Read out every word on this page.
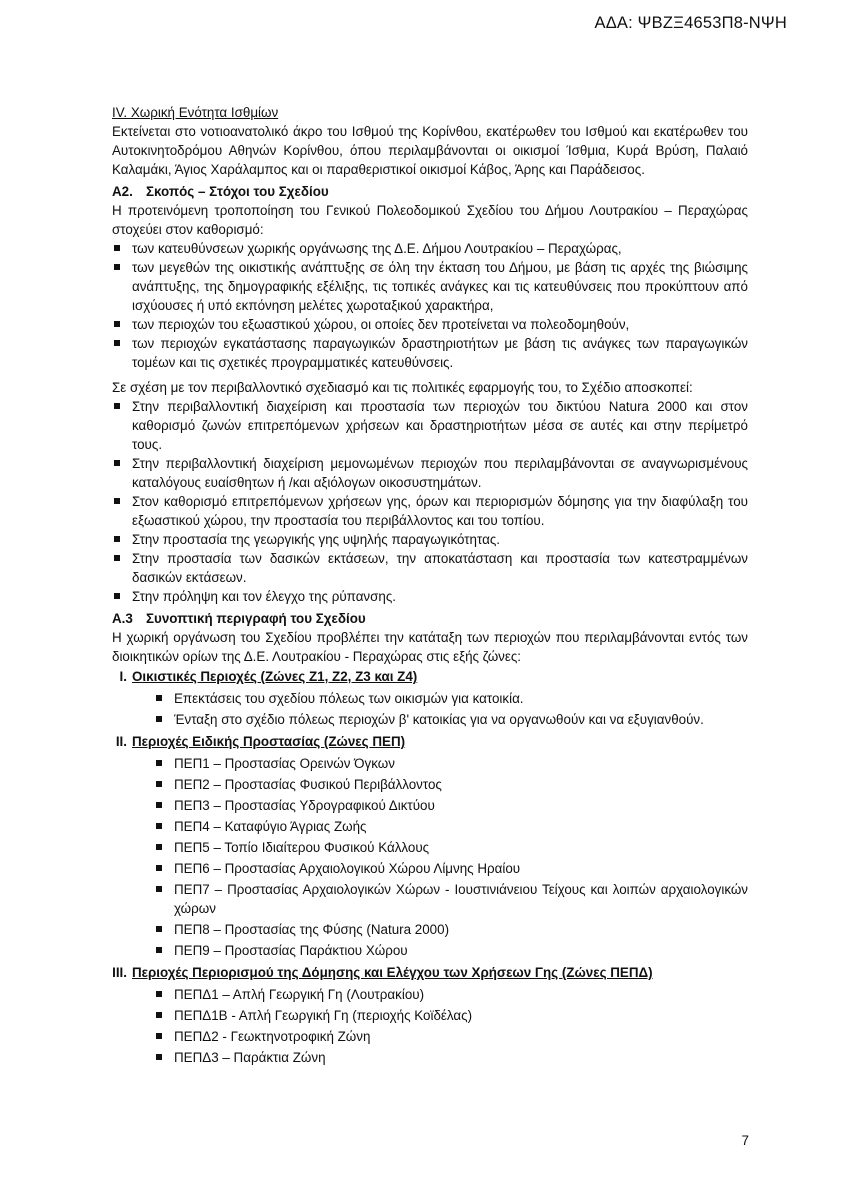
ΑΔΑ: ΨΒΖΞ4653Π8-ΝΨΗ

IV. Χωρική Ενότητα Ισθμίων

Εκτείνεται στο νοτιοανατολικό άκρο του Ισθμού της Κορίνθου, εκατέρωθεν του Ισθμού και εκατέρωθεν του Αυτοκινητοδρόμου Αθηνών Κορίνθου, όπου περιλαμβάνονται οι οικισμοί Ίσθμια, Κυρά Βρύση, Παλαιό Καλαμάκι, Άγιος Χαράλαμπος και οι παραθεριστικοί οικισμοί Κάβος, Άρης και Παράδεισος.

Α2. Σκοπός – Στόχοι του Σχεδίου

Η προτεινόμενη τροποποίηση του Γενικού Πολεοδομικού Σχεδίου του Δήμου Λουτρακίου – Περαχώρας στοχεύει στον καθορισμό:

των κατευθύνσεων χωρικής οργάνωσης της Δ.Ε. Δήμου Λουτρακίου – Περαχώρας,
των μεγεθών της οικιστικής ανάπτυξης σε όλη την έκταση του Δήμου, με βάση τις αρχές της βιώσιμης ανάπτυξης, της δημογραφικής εξέλιξης, τις τοπικές ανάγκες και τις κατευθύνσεις που προκύπτουν από ισχύουσες ή υπό εκπόνηση μελέτες χωροταξικού χαρακτήρα,
των περιοχών του εξωαστικού χώρου, οι οποίες δεν προτείνεται να πολεοδομηθούν,
των περιοχών εγκατάστασης παραγωγικών δραστηριοτήτων με βάση τις ανάγκες των παραγωγικών τομέων και τις σχετικές προγραμματικές κατευθύνσεις.

Σε σχέση με τον περιβαλλοντικό σχεδιασμό και τις πολιτικές εφαρμογής του, το Σχέδιο αποσκοπεί:

Στην περιβαλλοντική διαχείριση και προστασία των περιοχών του δικτύου Natura 2000 και στον καθορισμό ζωνών επιτρεπόμενων χρήσεων και δραστηριοτήτων μέσα σε αυτές και στην περίμετρό τους.
Στην περιβαλλοντική διαχείριση μεμονωμένων περιοχών που περιλαμβάνονται σε αναγνωρισμένους καταλόγους ευαίσθητων ή /και αξιόλογων οικοσυστημάτων.
Στον καθορισμό επιτρεπόμενων χρήσεων γης, όρων και περιορισμών δόμησης για την διαφύλαξη του εξωαστικού χώρου, την προστασία του περιβάλλοντος και του τοπίου.
Στην προστασία της γεωργικής γης υψηλής παραγωγικότητας.
Στην προστασία των δασικών εκτάσεων, την αποκατάσταση και προστασία των κατεστραμμένων δασικών εκτάσεων.
Στην πρόληψη και τον έλεγχο της ρύπανσης.

Α.3 Συνοπτική περιγραφή του Σχεδίου

Η χωρική οργάνωση του Σχεδίου προβλέπει την κατάταξη των περιοχών που περιλαμβάνονται εντός των διοικητικών ορίων της Δ.Ε. Λουτρακίου - Περαχώρας στις εξής ζώνες:

I. Οικιστικές Περιοχές (Ζώνες Ζ1, Ζ2, Ζ3 και Ζ4)
Επεκτάσεις του σχεδίου πόλεως των οικισμών για κατοικία.
Ένταξη στο σχέδιο πόλεως περιοχών β' κατοικίας για να οργανωθούν και να εξυγιανθούν.
II. Περιοχές Ειδικής Προστασίας (Ζώνες ΠΕΠ)
ΠΕΠ1 – Προστασίας Ορεινών Όγκων
ΠΕΠ2 – Προστασίας Φυσικού Περιβάλλοντος
ΠΕΠ3 – Προστασίας Υδρογραφικού Δικτύου
ΠΕΠ4 – Καταφύγιο Άγριας Ζωής
ΠΕΠ5 – Τοπίο Ιδιαίτερου Φυσικού Κάλλους
ΠΕΠ6 – Προστασίας Αρχαιολογικού Χώρου Λίμνης Ηραίου
ΠΕΠ7 – Προστασίας Αρχαιολογικών Χώρων - Ιουστινιάνειου Τείχους και λοιπών αρχαιολογικών χώρων
ΠΕΠ8 – Προστασίας της Φύσης (Natura 2000)
ΠΕΠ9 – Προστασίας Παράκτιου Χώρου
III. Περιοχές Περιορισμού της Δόμησης και Ελέγχου των Χρήσεων Γης (Ζώνες ΠΕΠΔ)
ΠΕΠΔ1 – Απλή Γεωργική Γη (Λουτρακίου)
ΠΕΠΔ1Β - Απλή Γεωργική Γη (περιοχής Κοϊδέλας)
ΠΕΠΔ2 - Γεωκτηνοτροφική Ζώνη
ΠΕΠΔ3 – Παράκτια Ζώνη
7
